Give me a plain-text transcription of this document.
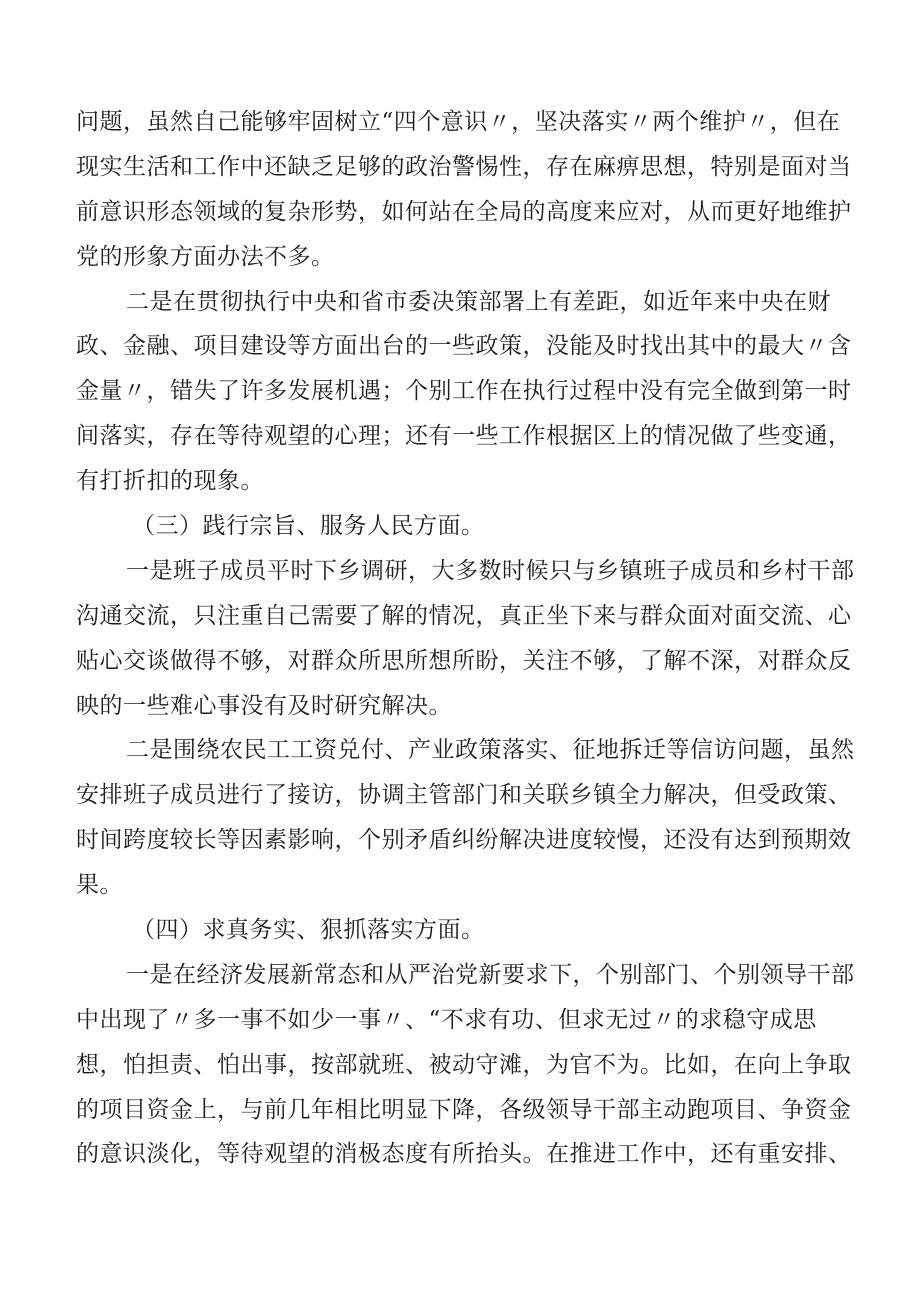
问题，虽然自己能够牢固树立“四个意识〃，坚决落实〃两个维护〃，但在
现实生活和工作中还缺乏足够的政治警惕性，存在麻痹思想，特别是面对当
前意识形态领域的复杂形势，如何站在全局的高度来应对，从而更好地维护
党的形象方面办法不多。
二是在贯彻执行中央和省市委决策部署上有差距，如近年来中央在财
政、金融、项目建设等方面出台的一些政策，没能及时找出其中的最大〃含
金量〃，错失了许多发展机遇；个别工作在执行过程中没有完全做到第一时
间落实，存在等待观望的心理；还有一些工作根据区上的情况做了些变通，
有打折扣的现象。
（三）践行宗旨、服务人民方面。
一是班子成员平时下乡调研，大多数时候只与乡镇班子成员和乡村干部
沟通交流，只注重自己需要了解的情况，真正坐下来与群众面对面交流、心
贴心交谈做得不够，对群众所思所想所盼，关注不够，了解不深，对群众反
映的一些难心事没有及时研究解决。
二是围绕农民工工资兑付、产业政策落实、征地拆迁等信访问题，虽然
安排班子成员进行了接访，协调主管部门和关联乡镇全力解决，但受政策、
时间跨度较长等因素影响，个别矛盾纠纷解决进度较慢，还没有达到预期效
果。
（四）求真务实、狠抓落实方面。
一是在经济发展新常态和从严治党新要求下，个别部门、个别领导干部
中出现了〃多一事不如少一事〃、“不求有功、但求无过〃的求稳守成思
想，怕担责、怕出事，按部就班、被动守滩，为官不为。比如，在向上争取
的项目资金上，与前几年相比明显下降，各级领导干部主动跑项目、争资金
的意识淡化，等待观望的消极态度有所抬头。在推进工作中，还有重安排、
